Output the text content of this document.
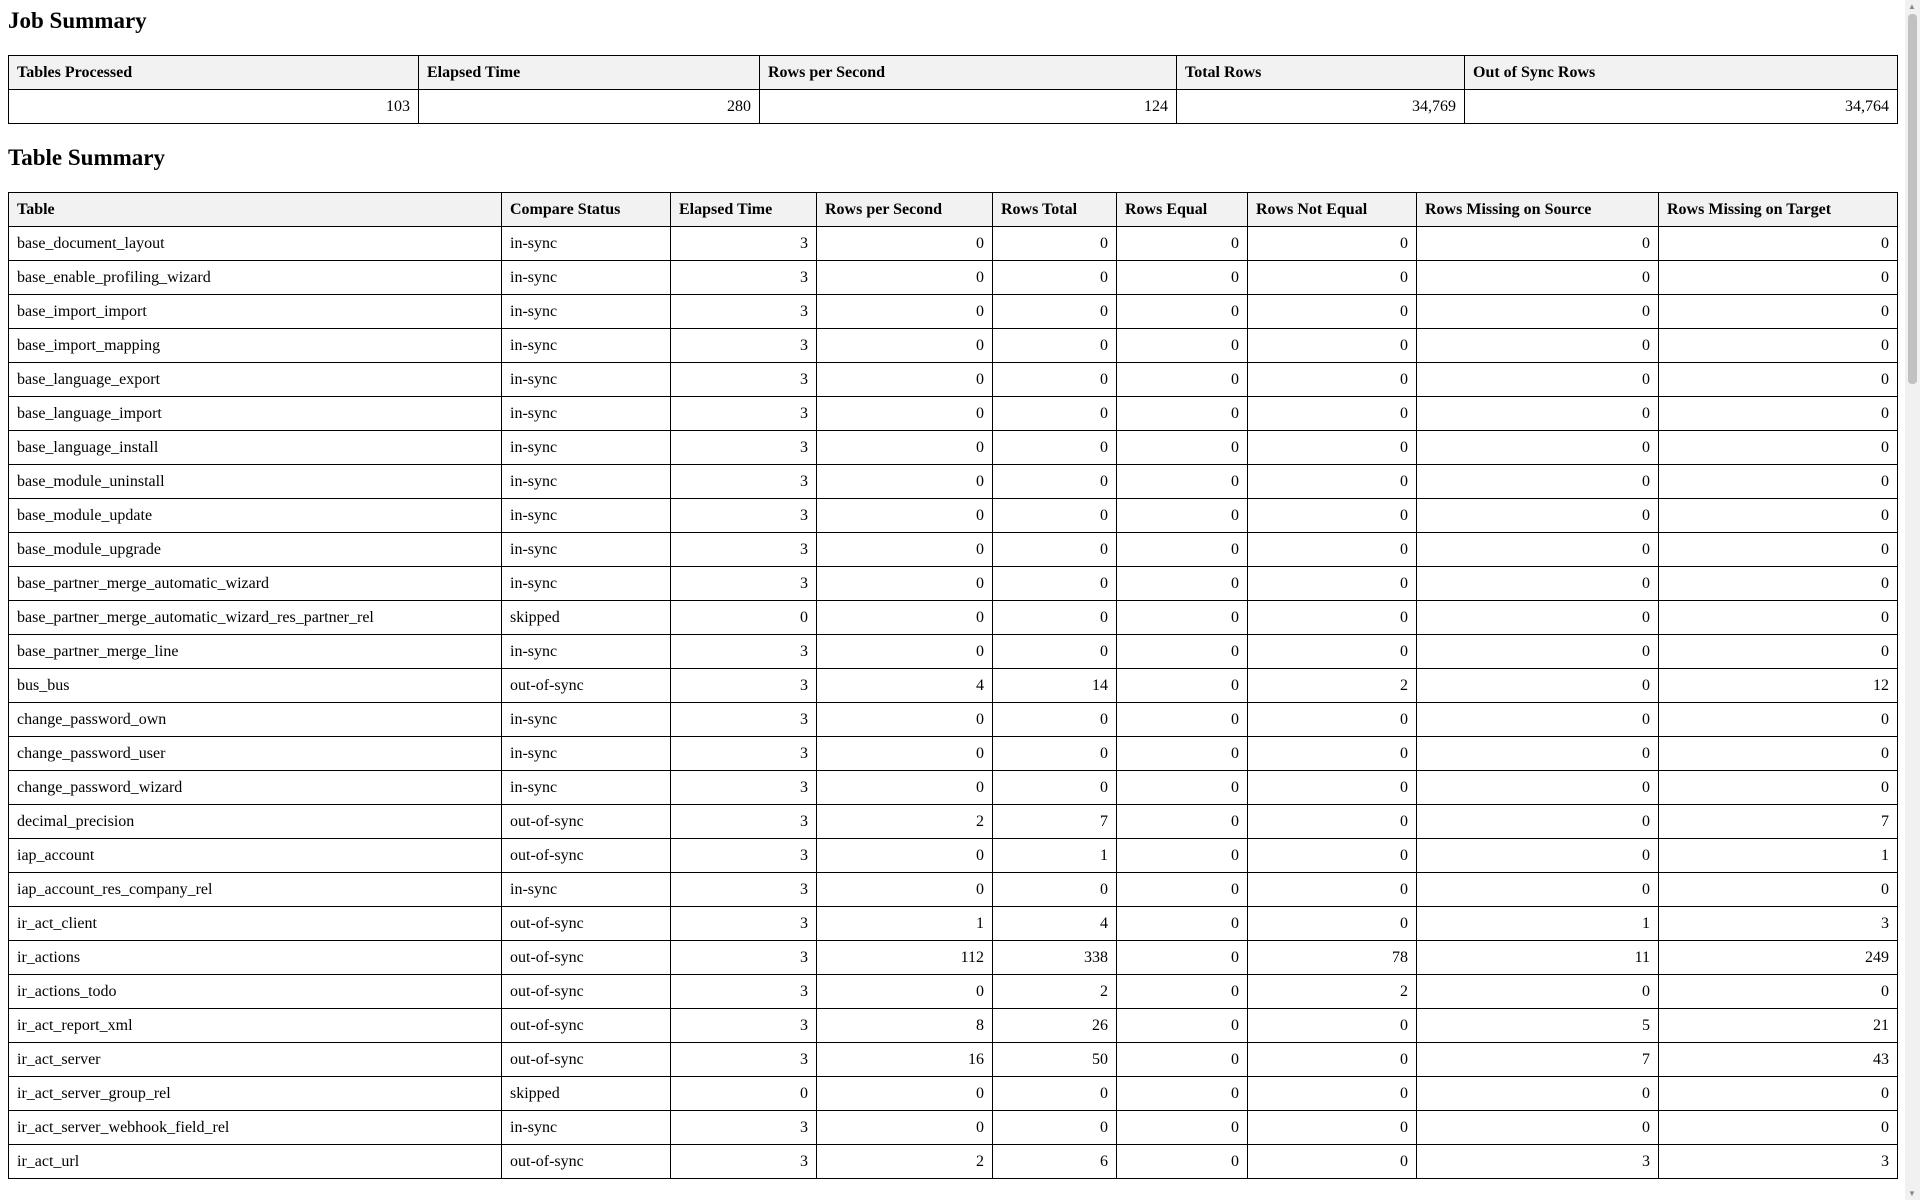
Job Summary
Tables Processed	Elapsed Time	Rows per Second	Total Rows	Out of Sync Rows
103	280	124	34,769	34,764
Table Summary
Table	Compare Status	Elapsed Time	Rows per Second	Rows Total	Rows Equal	Rows Not Equal	Rows Missing on Source	Rows Missing on Target
base_document_layout	in-sync	3	0	0	0	0	0	0
base_enable_profiling_wizard	in-sync	3	0	0	0	0	0	0
base_import_import	in-sync	3	0	0	0	0	0	0
base_import_mapping	in-sync	3	0	0	0	0	0	0
base_language_export	in-sync	3	0	0	0	0	0	0
base_language_import	in-sync	3	0	0	0	0	0	0
base_language_install	in-sync	3	0	0	0	0	0	0
base_module_uninstall	in-sync	3	0	0	0	0	0	0
base_module_update	in-sync	3	0	0	0	0	0	0
base_module_upgrade	in-sync	3	0	0	0	0	0	0
base_partner_merge_automatic_wizard	in-sync	3	0	0	0	0	0	0
base_partner_merge_automatic_wizard_res_partner_rel	skipped	0	0	0	0	0	0	0
base_partner_merge_line	in-sync	3	0	0	0	0	0	0
bus_bus	out-of-sync	3	4	14	0	2	0	12
change_password_own	in-sync	3	0	0	0	0	0	0
change_password_user	in-sync	3	0	0	0	0	0	0
change_password_wizard	in-sync	3	0	0	0	0	0	0
decimal_precision	out-of-sync	3	2	7	0	0	0	7
iap_account	out-of-sync	3	0	1	0	0	0	1
iap_account_res_company_rel	in-sync	3	0	0	0	0	0	0
ir_act_client	out-of-sync	3	1	4	0	0	1	3
ir_actions	out-of-sync	3	112	338	0	78	11	249
ir_actions_todo	out-of-sync	3	0	2	0	2	0	0
ir_act_report_xml	out-of-sync	3	8	26	0	0	5	21
ir_act_server	out-of-sync	3	16	50	0	0	7	43
ir_act_server_group_rel	skipped	0	0	0	0	0	0	0
ir_act_server_webhook_field_rel	in-sync	3	0	0	0	0	0	0
ir_act_url	out-of-sync	3	2	6	0	0	3	3
▲
▼
